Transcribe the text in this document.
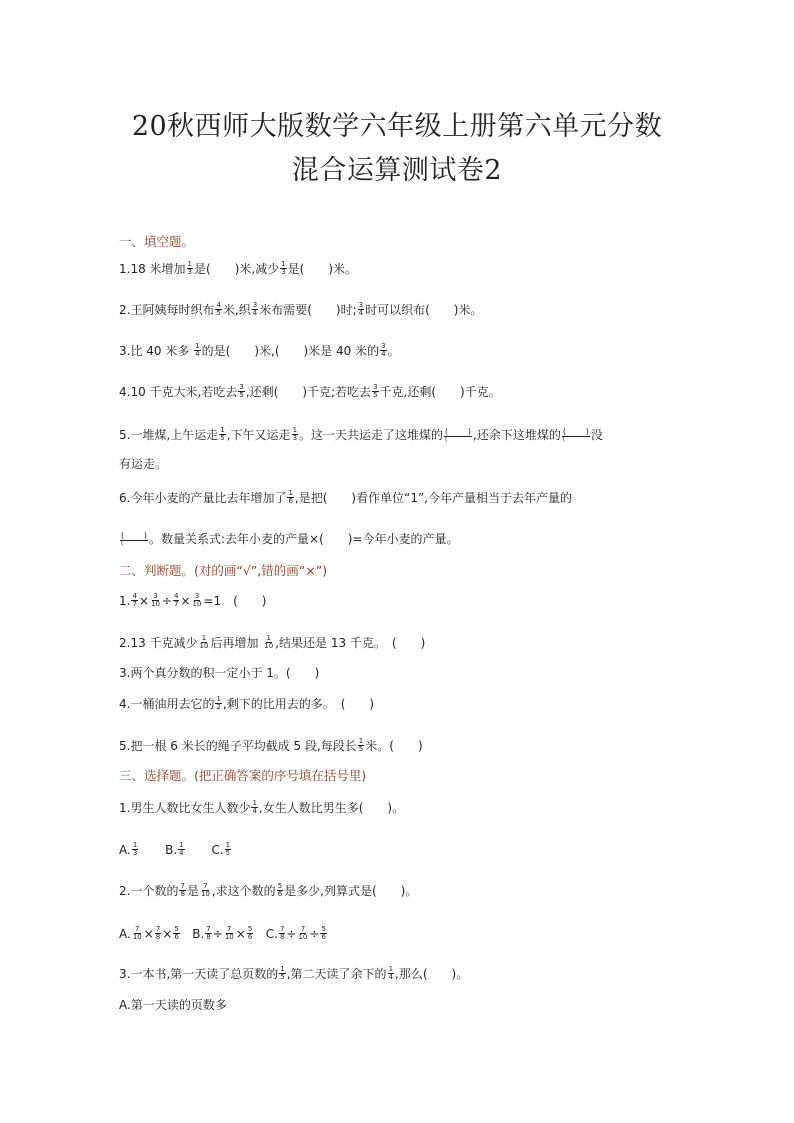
20秋西师大版数学六年级上册第六单元分数
混合运算测试卷2
一、填空题。
1.18 米增加 $\frac{1}{3}$ 是(　　)米,减少 $\frac{1}{3}$ 是(　　)米。
2.王阿姨每时织布 $\frac{4}{5}$ 米,织 $\frac{3}{4}$ 米布需要(　　)时; $\frac{3}{4}$ 时可以织布(　　)米。
3.比 40 米多 $\frac{1}{4}$ 的是(　　)米,(　　)米是 40 米的 $\frac{3}{4}$ 。
4.10 千克大米,若吃去 $\frac{3}{5}$ ,还剩(　　)千克;若吃去 $\frac{3}{5}$ 千克,还剩(　　)千克。
5.一堆煤,上午运走 $\frac{1}{5}$ ,下午又运走 $\frac{1}{3}$ 。这一天共运走了这堆煤的 ( )
(	,还余下这堆煤的 ( )
(	没
有运走。
6.今年小麦的产量比去年增加了 $\frac{1}{6}$ ,是把(　　)看作单位“1”,今年产量相当于去年产量的
( )
(	。数量关系式:去年小麦的产量×(　　)=今年小麦的产量。
二、判断题。(对的画“√”,错的画“×”)
1. $\frac{4}{7} \times \frac{3}{10} \div \frac{4}{7} \times \frac{3}{10} =1$　(　　)
2.13 千克减少 $\frac{1}{10}$ 后再增加 $\frac{1}{10}$ ,结果还是 13 千克。　(　　)
3.两个真分数的积一定小于 1。(　　)
4.一桶油用去它的 $\frac{1}{2}$ ,剩下的比用去的多。　(　　)
5.把一根 6 米长的绳子平均截成 5 段,每段长 $\frac{1}{5}$ 米。(　　)
三、选择题。(把正确答案的序号填在括号里)
1.男生人数比女生人数少 $\frac{1}{4}$ ,女生人数比男生多(　　)。
A. $\frac{1}{3} B$. $\frac{1}{4} C$. $\frac{1}{5}$
2.一个数的 $\frac{7}{8}$ 是 $\frac{7}{10}$ ,求这个数的 $\frac{5}{6}$ 是多少,列算式是(　　)。
A. $\frac{7}{10} \times \frac{7}{8} \times \frac{5}{6} B$. $\frac{7}{8} \div \frac{7}{10} \times \frac{5}{6} C$. $\frac{7}{8} \div \frac{7}{10} \div \frac{5}{6}$
3.一本书,第一天读了总页数的 $\frac{1}{5}$ ,第二天读了余下的 $\frac{1}{4}$ ,那么(　　)。
A.第一天读的页数多
